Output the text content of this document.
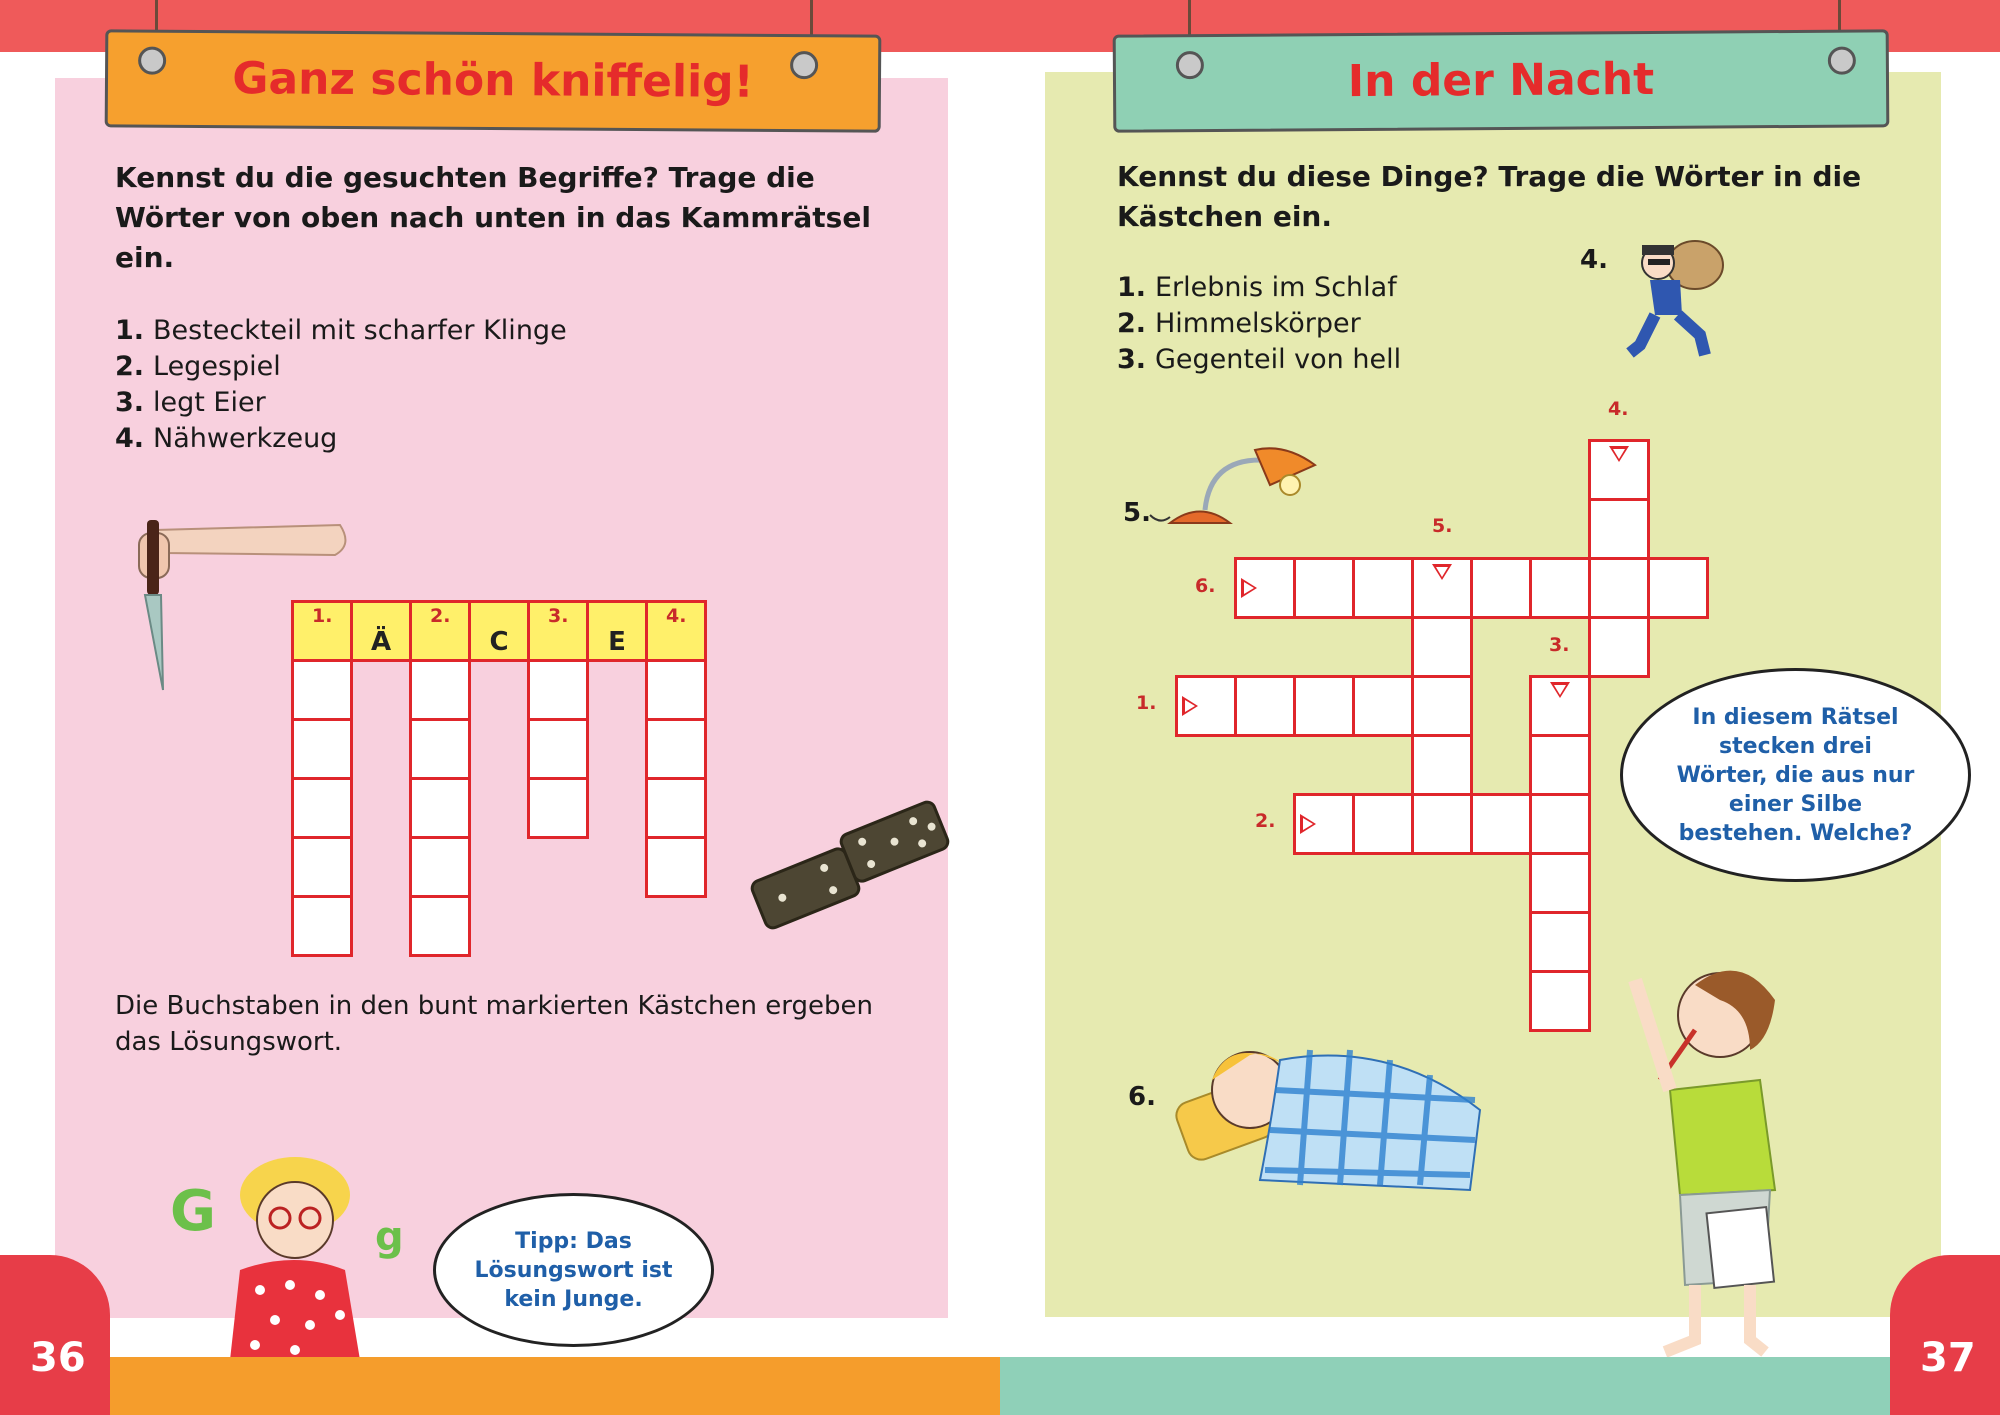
Ganz schön kniffelig!
Kennst du die gesuchten Begriffe? Trage die Wörter von oben nach unten in das Kammrätsel ein.
1. Besteckteil mit scharfer Klinge
2. Legespiel
3. legt Eier
4. Nähwerkzeug
1.
Ä
2.
C
3.
E
4.
Die Buchstaben in den bunt markierten Kästchen ergeben das Lösungswort.
G	g	Tipp: Das Lösungswort ist kein Junge.
36
In der Nacht
Kennst du diese Dinge? Trage die Wörter in die Kästchen ein.
1. Erlebnis im Schlaf
2. Himmelskörper
3. Gegenteil von hell
4.
5.
6.
4.
5.
6.
3.
1.
2.
In diesem Rätsel stecken drei Wörter, die aus nur einer Silbe bestehen. Welche?
37
